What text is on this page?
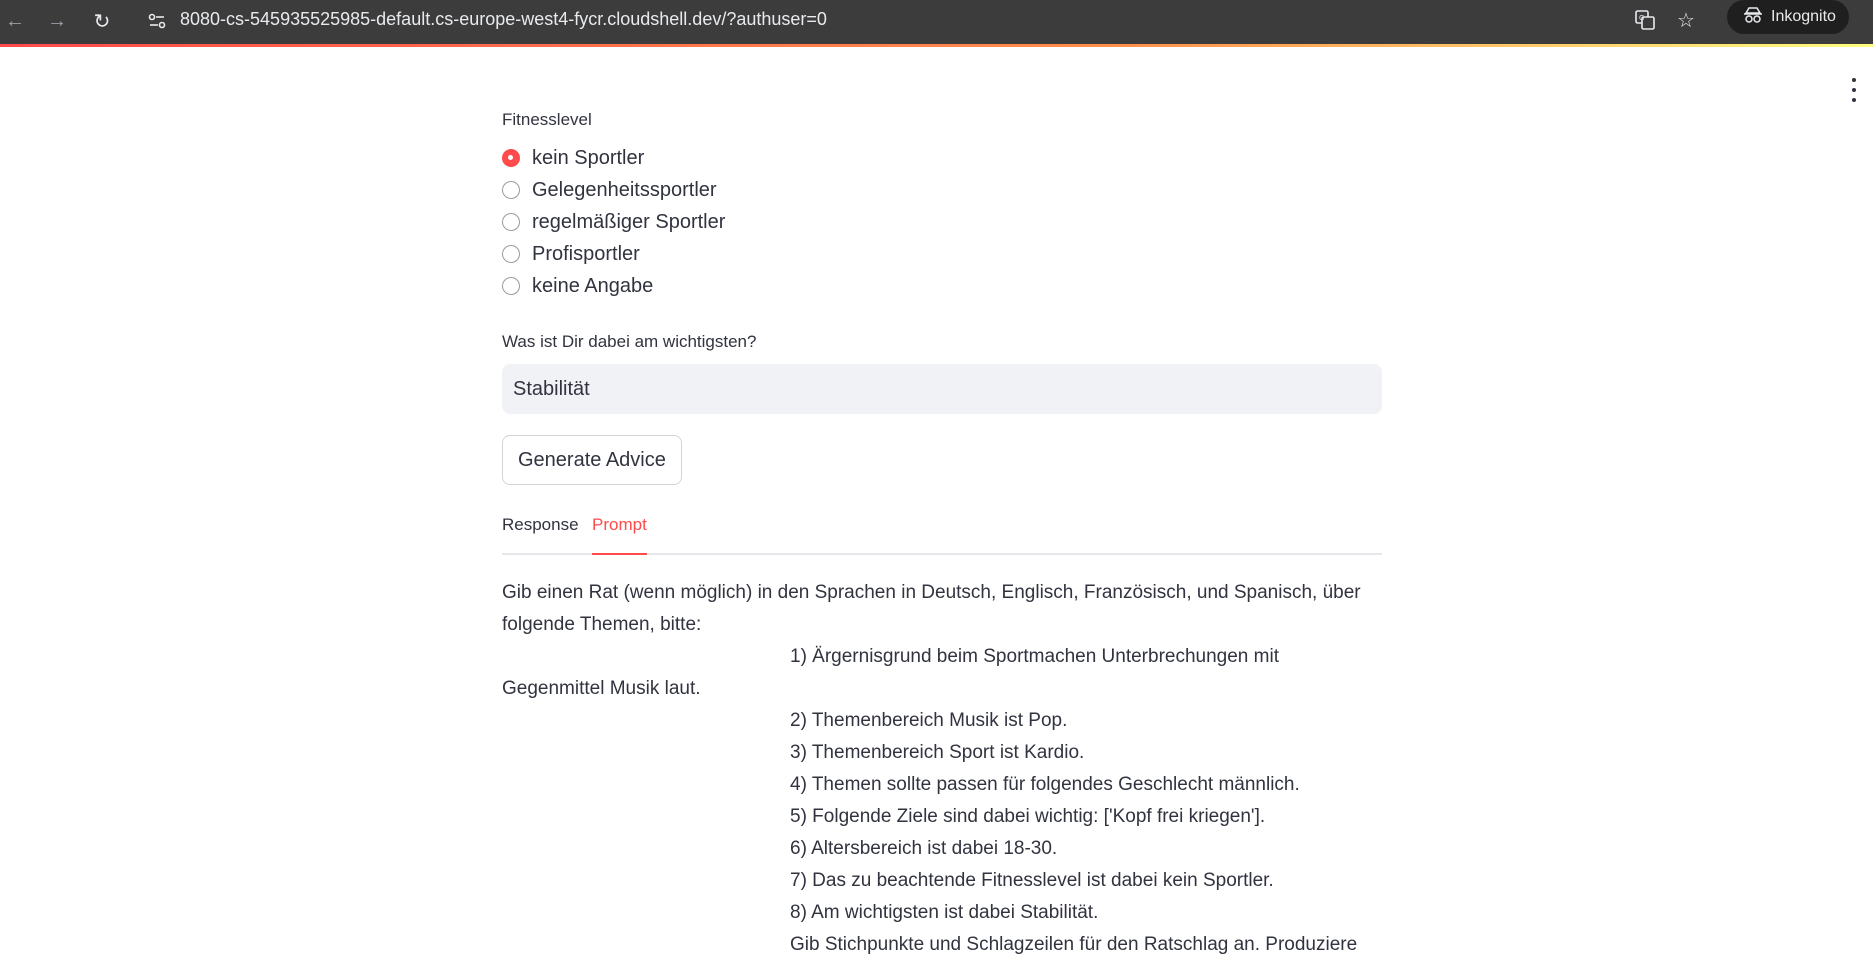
← →	↻	8080-cs-545935525985-default.cs-europe-west4-fycr.cloudshell.dev/?authuser=0	G	☆	Inkognito

Fitnesslevel

kein Sportler
Gelegenheitssportler
regelmäßiger Sportler
Profisportler
keine Angabe

Was ist Dir dabei am wichtigsten?

Stabilität
Generate Advice
Response Prompt
Gib einen Rat (wenn möglich) in den Sprachen in Deutsch, Englisch, Französisch, und Spanisch, über
folgende Themen, bitte:
1) Ärgernisgrund beim Sportmachen Unterbrechungen mit
Gegenmittel Musik laut.
2) Themenbereich Musik ist Pop.
3) Themenbereich Sport ist Kardio.
4) Themen sollte passen für folgendes Geschlecht männlich.
5) Folgende Ziele sind dabei wichtig: ['Kopf frei kriegen'].
6) Altersbereich ist dabei 18-30.
7) Das zu beachtende Fitnesslevel ist dabei kein Sportler.
8) Am wichtigsten ist dabei Stabilität.
Gib Stichpunkte und Schlagzeilen für den Ratschlag an. Produziere
